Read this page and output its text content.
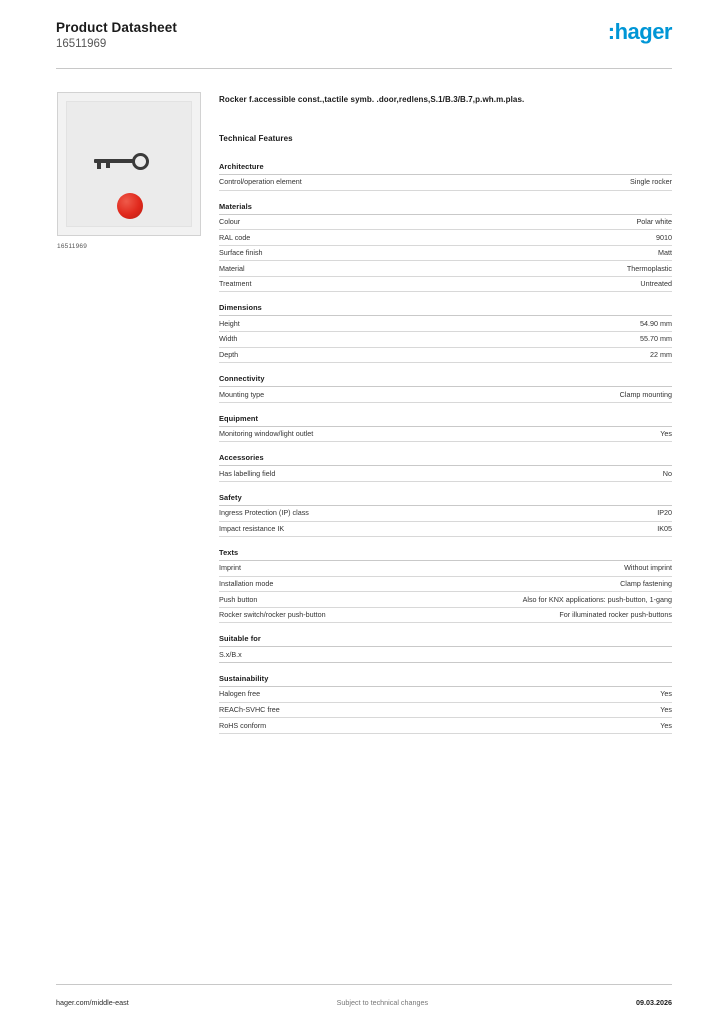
Product Datasheet
16511969	:hager
16511969
Rocker f.accessible const.,tactile symb. .door,redlens,S.1/B.3/B.7,p.wh.m.plas.
Technical Features
Architecture
Control/operation element	Single rocker
Materials
Colour	Polar white
RAL code	9010
Surface finish	Matt
Material	Thermoplastic
Treatment	Untreated
Dimensions
Height	54.90 mm
Width	55.70 mm
Depth	22 mm
Connectivity
Mounting type	Clamp mounting
Equipment
Monitoring window/light outlet	Yes
Accessories
Has labelling field	No
Safety
Ingress Protection (IP) class	IP20
Impact resistance IK	IK05
Texts
Imprint	Without imprint
Installation mode	Clamp fastening
Push button	Also for KNX applications: push-button, 1-gang
Rocker switch/rocker push-button	For illuminated rocker push-buttons
Suitable for
S.x/B.x
Sustainability
Halogen free	Yes
REACh-SVHC free	Yes
RoHS conform	Yes
hager.com/middle-east	Subject to technical changes	09.03.2026
